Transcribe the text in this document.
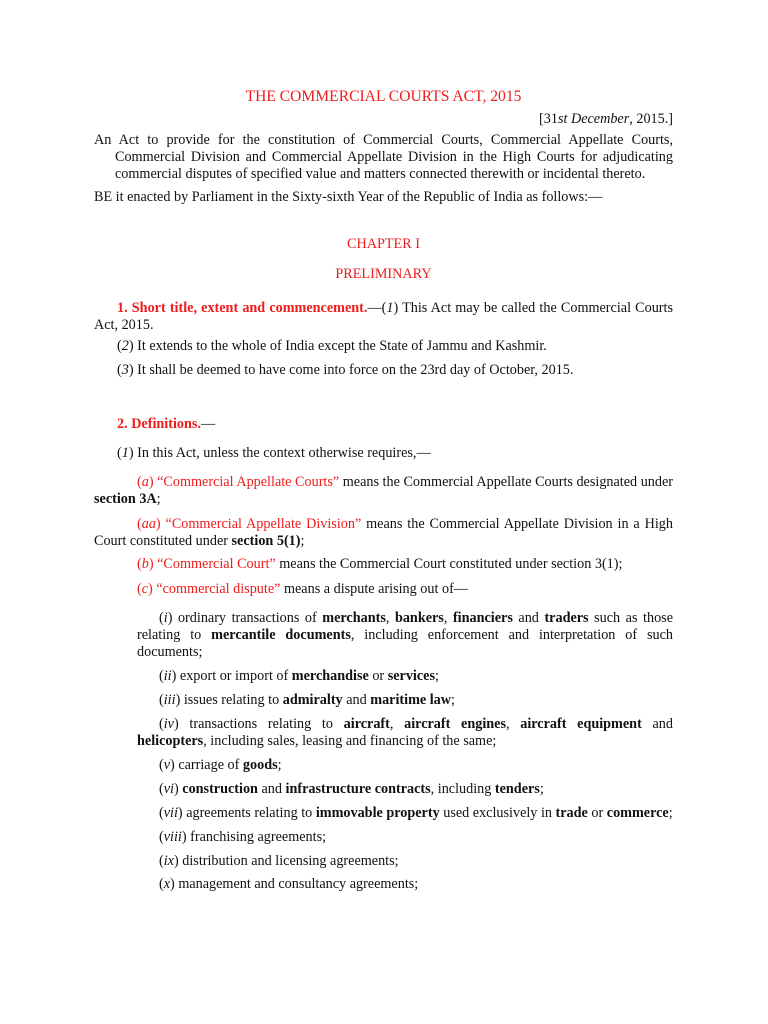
THE COMMERCIAL COURTS ACT, 2015
[31st December, 2015.]

An Act to provide for the constitution of Commercial Courts, Commercial Appellate Courts, Commercial Division and Commercial Appellate Division in the High Courts for adjudicating commercial disputes of specified value and matters connected therewith or incidental thereto.

BE it enacted by Parliament in the Sixty-sixth Year of the Republic of India as follows:—

CHAPTER I
PRELIMINARY

1. Short title, extent and commencement.—(1) This Act may be called the Commercial Courts Act, 2015.

(2) It extends to the whole of India except the State of Jammu and Kashmir.

(3) It shall be deemed to have come into force on the 23rd day of October, 2015.

2. Definitions.—

(1) In this Act, unless the context otherwise requires,—

(a) “Commercial Appellate Courts” means the Commercial Appellate Courts designated under section 3A;

(aa) “Commercial Appellate Division” means the Commercial Appellate Division in a High Court constituted under section 5(1);

(b) “Commercial Court” means the Commercial Court constituted under section 3(1);

(c) “commercial dispute” means a dispute arising out of—

(i) ordinary transactions of merchants, bankers, financiers and traders such as those relating to mercantile documents, including enforcement and interpretation of such documents;

(ii) export or import of merchandise or services;

(iii) issues relating to admiralty and maritime law;

(iv) transactions relating to aircraft, aircraft engines, aircraft equipment and helicopters, including sales, leasing and financing of the same;

(v) carriage of goods;

(vi) construction and infrastructure contracts, including tenders;

(vii) agreements relating to immovable property used exclusively in trade or commerce;

(viii) franchising agreements;

(ix) distribution and licensing agreements;

(x) management and consultancy agreements;
